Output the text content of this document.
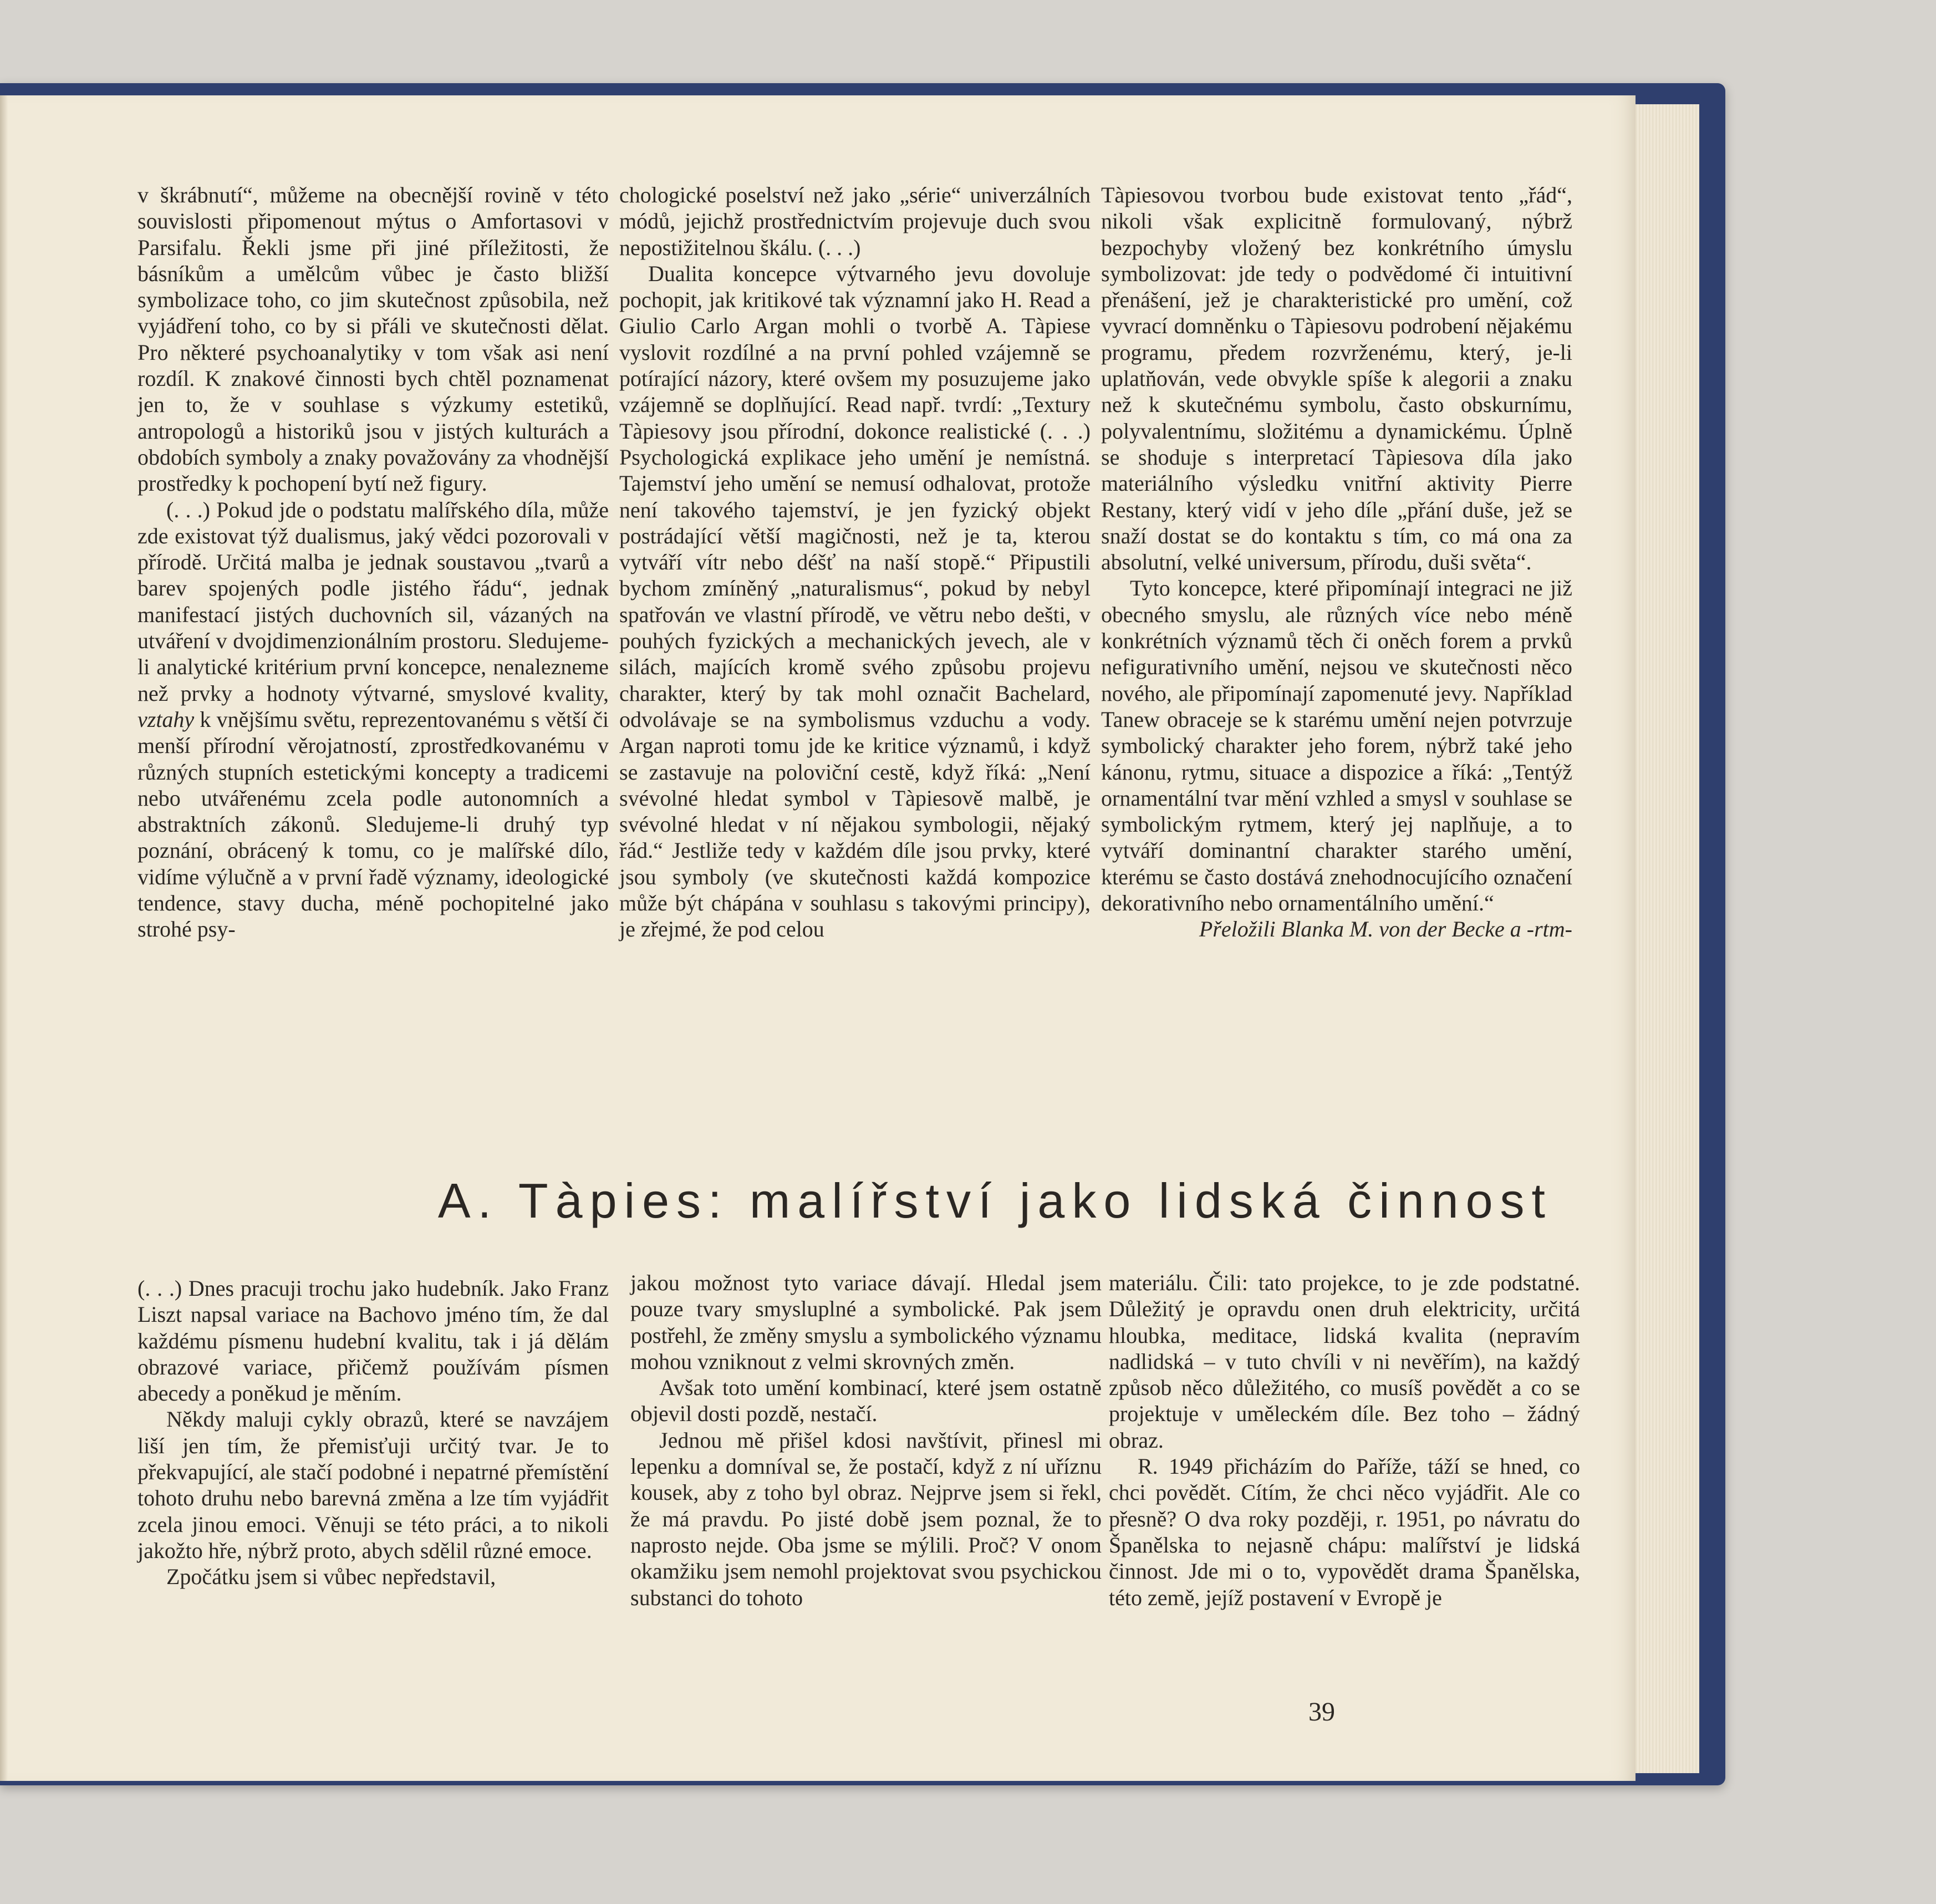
v škrábnutí“, můžeme na obecnější rovině v této souvislosti připomenout mýtus o Amfortasovi v Parsifalu. Řekli jsme při jiné příležitosti, že básníkům a umělcům vůbec je často bližší symbolizace toho, co jim skutečnost způsobila, než vyjádření toho, co by si přáli ve skutečnosti dělat. Pro některé psychoanalytiky v tom však asi není rozdíl. K znakové činnosti bych chtěl poznamenat jen to, že v souhlase s výzkumy estetiků, antropologů a historiků jsou v jistých kulturách a obdobích symboly a znaky považovány za vhodnější prostředky k pochopení bytí než figury.

(. . .) Pokud jde o podstatu malířského díla, může zde existovat týž dualismus, jaký vědci pozorovali v přírodě. Určitá malba je jednak soustavou „tvarů a barev spojených podle jistého řádu“, jednak manifestací jistých duchovních sil, vázaných na utváření v dvojdimenzionálním prostoru. Sledujeme-li analytické kritérium první koncepce, nenalezneme než prvky a hodnoty výtvarné, smyslové kvality, vztahy k vnějšímu světu, reprezentovanému s větší či menší přírodní věrojatností, zprostředkovanému v různých stupních estetickými koncepty a tradicemi nebo utvářenému zcela podle autonomních a abstraktních zákonů. Sledujeme-li druhý typ poznání, obrácený k tomu, co je malířské dílo, vidíme výlučně a v první řadě významy, ideologické tendence, stavy ducha, méně pochopitelné jako strohé psy-

chologické poselství než jako „série“ univerzálních módů, jejichž prostřednictvím projevuje duch svou nepostižitelnou škálu. (. . .)

Dualita koncepce výtvarného jevu dovoluje pochopit, jak kritikové tak významní jako H. Read a Giulio Carlo Argan mohli o tvorbě A. Tàpiese vyslovit rozdílné a na první pohled vzájemně se potírající názory, které ovšem my posuzujeme jako vzájemně se doplňující. Read např. tvrdí: „Textury Tàpiesovy jsou přírodní, dokonce realistické (. . .) Psychologická explikace jeho umění je nemístná. Tajemství jeho umění se nemusí odhalovat, protože není takového tajemství, je jen fyzický objekt postrádající větší magičnosti, než je ta, kterou vytváří vítr nebo déšť na naší stopě.“ Připustili bychom zmíněný „naturalismus“, pokud by nebyl spatřován ve vlastní přírodě, ve větru nebo dešti, v pouhých fyzických a mechanických jevech, ale v silách, majících kromě svého způsobu projevu charakter, který by tak mohl označit Bachelard, odvolávaje se na symbolismus vzduchu a vody. Argan naproti tomu jde ke kritice významů, i když se zastavuje na poloviční cestě, když říká: „Není svévolné hledat symbol v Tàpiesově malbě, je svévolné hledat v ní nějakou symbologii, nějaký řád.“ Jestliže tedy v každém díle jsou prvky, které jsou symboly (ve skutečnosti každá kompozice může být chápána v souhlasu s takovými principy), je zřejmé, že pod celou

Tàpiesovou tvorbou bude existovat tento „řád“, nikoli však explicitně formulovaný, nýbrž bezpochyby vložený bez konkrétního úmyslu symbolizovat: jde tedy o podvědomé či intuitivní přenášení, jež je charakteristické pro umění, což vyvrací domněnku o Tàpiesovu podrobení nějakému programu, předem rozvrženému, který, je-li uplatňován, vede obvykle spíše k alegorii a znaku než k skutečnému symbolu, často obskurnímu, polyvalentnímu, složitému a dynamickému. Úplně se shoduje s interpretací Tàpiesova díla jako materiálního výsledku vnitřní aktivity Pierre Restany, který vidí v jeho díle „přání duše, jež se snaží dostat se do kontaktu s tím, co má ona za absolutní, velké universum, přírodu, duši světa“.

Tyto koncepce, které připomínají integraci ne již obecného smyslu, ale různých více nebo méně konkrétních významů těch či oněch forem a prvků nefigurativního umění, nejsou ve skutečnosti něco nového, ale připomínají zapomenuté jevy. Například Tanew obraceje se k starému umění nejen potvrzuje symbolický charakter jeho forem, nýbrž také jeho kánonu, rytmu, situace a dispozice a říká: „Tentýž ornamentální tvar mění vzhled a smysl v souhlase se symbolickým rytmem, který jej naplňuje, a to vytváří dominantní charakter starého umění, kterému se často dostává znehodnocujícího označení dekorativního nebo ornamentálního umění.“

Přeložili Blanka M. von der Becke a -rtm-

A. Tàpies: malířství jako lidská činnost

(. . .) Dnes pracuji trochu jako hudebník. Jako Franz Liszt napsal variace na Bachovo jméno tím, že dal každému písmenu hudební kvalitu, tak i já dělám obrazové variace, přičemž používám písmen abecedy a poněkud je měním.

Někdy maluji cykly obrazů, které se navzájem liší jen tím, že přemisťuji určitý tvar. Je to překvapující, ale stačí podobné i nepatrné přemístění tohoto druhu nebo barevná změna a lze tím vyjádřit zcela jinou emoci. Věnuji se této práci, a to nikoli jakožto hře, nýbrž proto, abych sdělil různé emoce.

Zpočátku jsem si vůbec nepředstavil,

jakou možnost tyto variace dávají. Hledal jsem pouze tvary smysluplné a symbolické. Pak jsem postřehl, že změny smyslu a symbolického významu mohou vzniknout z velmi skrovných změn.

Avšak toto umění kombinací, které jsem ostatně objevil dosti pozdě, nestačí.

Jednou mě přišel kdosi navštívit, přinesl mi lepenku a domníval se, že postačí, když z ní uříznu kousek, aby z toho byl obraz. Nejprve jsem si řekl, že má pravdu. Po jisté době jsem poznal, že to naprosto nejde. Oba jsme se mýlili. Proč? V onom okamžiku jsem nemohl projektovat svou psychickou substanci do tohoto

materiálu. Čili: tato projekce, to je zde podstatné. Důležitý je opravdu onen druh elektricity, určitá hloubka, meditace, lidská kvalita (nepravím nadlidská – v tuto chvíli v ni nevěřím), na každý způsob něco důležitého, co musíš povědět a co se projektuje v uměleckém díle. Bez toho – žádný obraz.

R. 1949 přicházím do Paříže, táží se hned, co chci povědět. Cítím, že chci něco vyjádřit. Ale co přesně? O dva roky později, r. 1951, po návratu do Španělska to nejasně chápu: malířství je lidská činnost. Jde mi o to, vypovědět drama Španělska, této země, jejíž postavení v Evropě je

39
